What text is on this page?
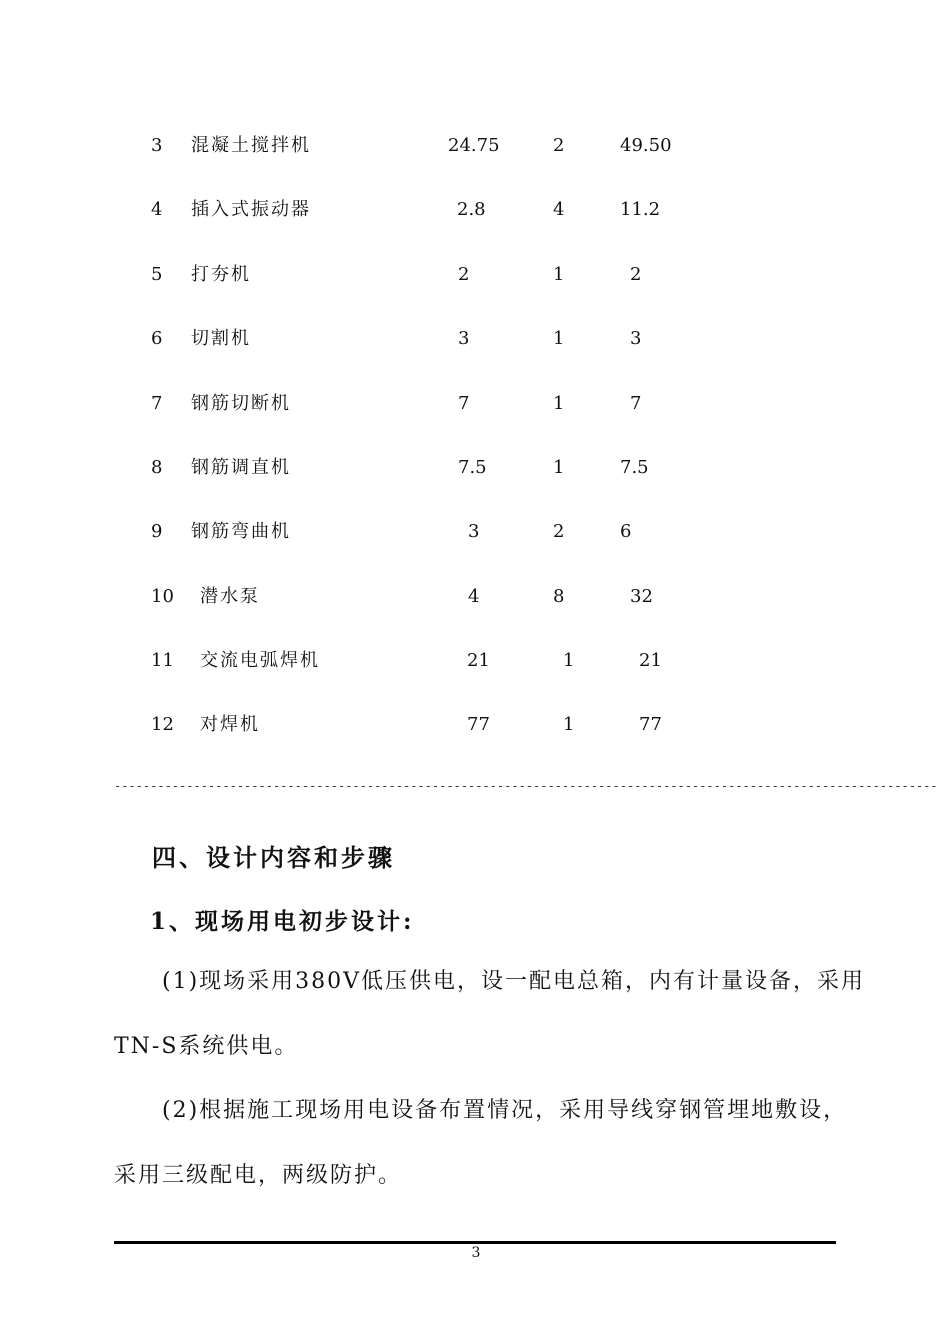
3 混凝土搅拌机	24.75	2	49.50
4 插入式振动器	2.8	4	11.2
5 打夯机	2	1	2
6 切割机	3	1	3
7 钢筋切断机	7	1	7
8 钢筋调直机	7.5	1	7.5
9 钢筋弯曲机	3	2	6
10 潜水泵	4	8	32
11 交流电弧焊机	21	1	21
12 对焊机	77	1	77
------------------------------------------------------------------------------------------------------------------
四、设计内容和步骤
1、现场用电初步设计:
(1)现场采用380V低压供电，设一配电总箱，内有计量设备，采用
TN-S系统供电。
(2)根据施工现场用电设备布置情况，采用导线穿钢管埋地敷设，
采用三级配电，两级防护。
3
